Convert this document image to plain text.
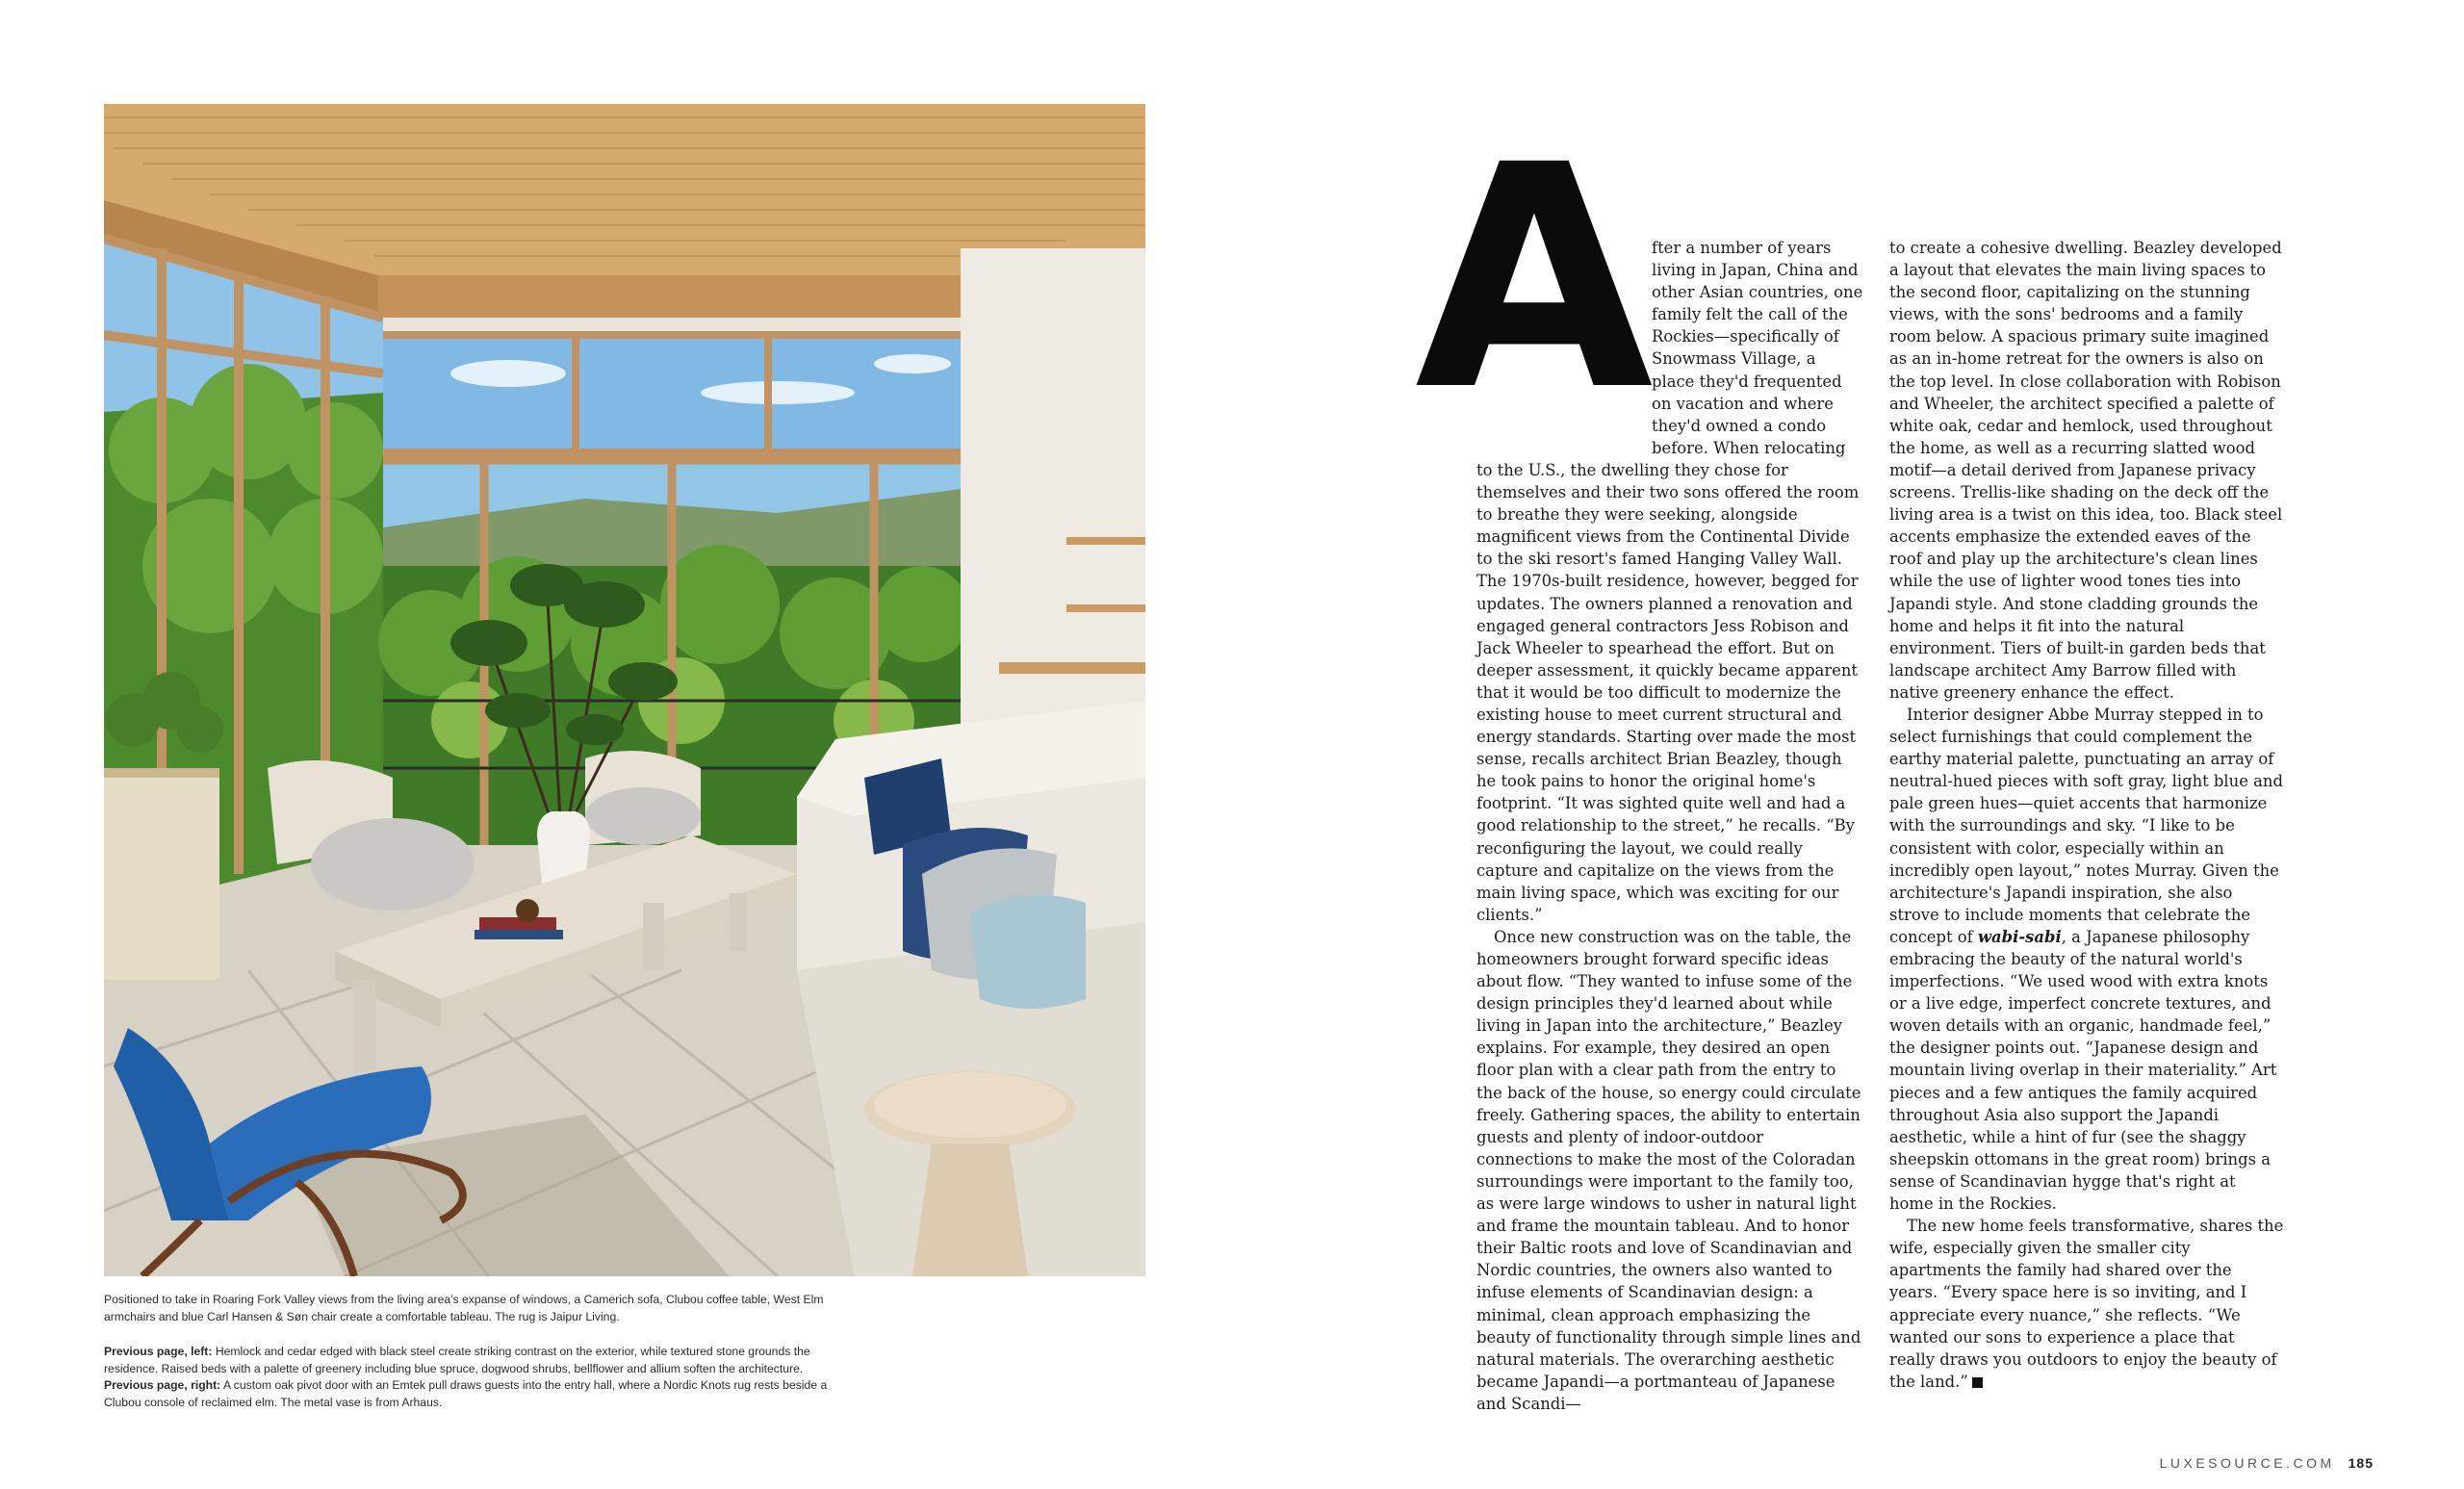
Positioned to take in Roaring Fork Valley views from the living area's expanse of windows, a Camerich sofa, Clubou coffee table, West Elm armchairs and blue Carl Hansen & Søn chair create a comfortable tableau. The rug is Jaipur Living.
Previous page, left: Hemlock and cedar edged with black steel create striking contrast on the exterior, while textured stone grounds the residence. Raised beds with a palette of greenery including blue spruce, dogwood shrubs, bellflower and allium soften the architecture.
Previous page, right: A custom oak pivot door with an Emtek pull draws guests into the entry hall, where a Nordic Knots rug rests beside a Clubou console of reclaimed elm. The metal vase is from Arhaus.
A fter a number of years living in Japan, China and other Asian countries, one family felt the call of the Rockies—specifically of Snowmass Village, a place they'd frequented on vacation and where they'd owned a condo before. When relocating to the U.S., the dwelling they chose for themselves and their two sons offered the room to breathe they were seeking, alongside magnificent views from the Continental Divide to the ski resort's famed Hanging Valley Wall. The 1970s-built residence, however, begged for updates. The owners planned a renovation and engaged general contractors Jess Robison and Jack Wheeler to spearhead the effort. But on deeper assessment, it quickly became apparent that it would be too difficult to modernize the existing house to meet current structural and energy standards. Starting over made the most sense, recalls architect Brian Beazley, though he took pains to honor the original home's footprint. “It was sighted quite well and had a good relationship to the street,” he recalls. “By reconfiguring the layout, we could really capture and capitalize on the views from the main living space, which was exciting for our clients.”

Once new construction was on the table, the homeowners brought forward specific ideas about flow. “They wanted to infuse some of the design principles they'd learned about while living in Japan into the architecture,” Beazley explains. For example, they desired an open floor plan with a clear path from the entry to the back of the house, so energy could circulate freely. Gathering spaces, the ability to entertain guests and plenty of indoor-outdoor connections to make the most of the Coloradan surroundings were important to the family too, as were large windows to usher in natural light and frame the mountain tableau. And to honor their Baltic roots and love of Scandinavian and Nordic countries, the owners also wanted to infuse elements of Scandinavian design: a minimal, clean approach emphasizing the beauty of functionality through simple lines and natural materials. The overarching aesthetic became Japandi—a portmanteau of Japanese and Scandi—

to create a cohesive dwelling. Beazley developed a layout that elevates the main living spaces to the second floor, capitalizing on the stunning views, with the sons' bedrooms and a family room below. A spacious primary suite imagined as an in-home retreat for the owners is also on the top level. In close collaboration with Robison and Wheeler, the architect specified a palette of white oak, cedar and hemlock, used throughout the home, as well as a recurring slatted wood motif—a detail derived from Japanese privacy screens. Trellis-like shading on the deck off the living area is a twist on this idea, too. Black steel accents emphasize the extended eaves of the roof and play up the architecture's clean lines while the use of lighter wood tones ties into Japandi style. And stone cladding grounds the home and helps it fit into the natural environment. Tiers of built-in garden beds that landscape architect Amy Barrow filled with native greenery enhance the effect.

Interior designer Abbe Murray stepped in to select furnishings that could complement the earthy material palette, punctuating an array of neutral-hued pieces with soft gray, light blue and pale green hues—quiet accents that harmonize with the surroundings and sky. “I like to be consistent with color, especially within an incredibly open layout,” notes Murray. Given the architecture's Japandi inspiration, she also strove to include moments that celebrate the concept of wabi-sabi, a Japanese philosophy embracing the beauty of the natural world's imperfections. “We used wood with extra knots or a live edge, imperfect concrete textures, and woven details with an organic, handmade feel,” the designer points out. “Japanese design and mountain living overlap in their materiality.” Art pieces and a few antiques the family acquired throughout Asia also support the Japandi aesthetic, while a hint of fur (see the shaggy sheepskin ottomans in the great room) brings a sense of Scandinavian hygge that's right at home in the Rockies.

The new home feels transformative, shares the wife, especially given the smaller city apartments the family had shared over the years. “Every space here is so inviting, and I appreciate every nuance,” she reflects. “We wanted our sons to experience a place that really draws you outdoors to enjoy the beauty of the land.”

LUXESOURCE.COM 185
